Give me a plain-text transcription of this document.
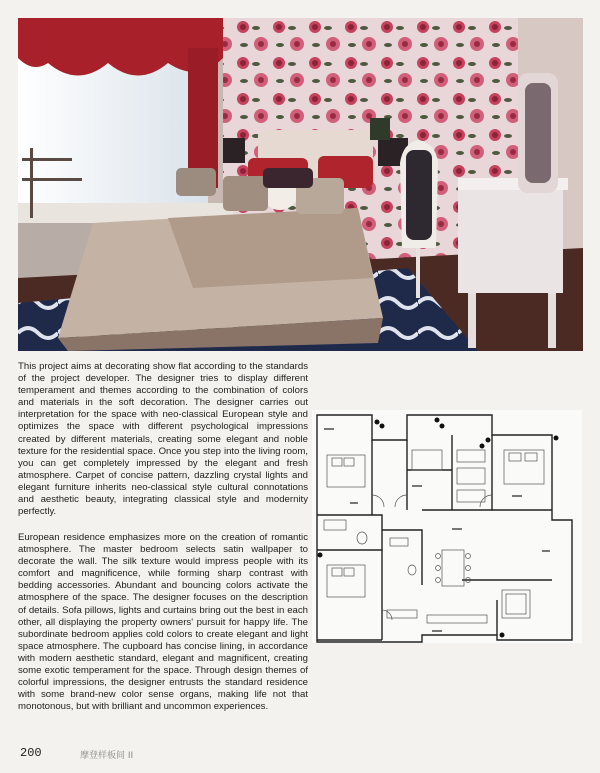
This project aims at decorating show flat according to the standards of the project developer. The designer tries to display different temperament and themes according to the combination of colors and materials in the soft decoration. The designer carries out interpretation for the space with neo-classical European style and optimizes the space with different psychological impressions created by different materials, creating some elegant and noble texture for the residential space. Once you step into the living room, you can get completely impressed by the elegant and fresh atmosphere. Carpet of concise pattern, dazzling crystal lights and elegant furniture inherits neo-classical style cultural connotations and aesthetic beauty, integrating classical style and modernity perfectly.

European residence emphasizes more on the creation of romantic atmosphere. The master bedroom selects satin wallpaper to decorate the wall. The silk texture would impress people with its comfort and magnificence, while forming sharp contrast with bedding accessories. Abundant and bouncing colors activate the atmosphere of the space. The designer focuses on the description of details. Sofa pillows, lights and curtains bring out the best in each other, all displaying the property owners' pursuit for happy life. The subordinate bedroom applies cold colors to create elegant and light space atmosphere. The cupboard has concise lining, in accordance with modern aesthetic standard, elegant and magnificent, creating some exotic temperament for the space. Through design themes of colorful impressions, the designer entrusts the standard residence with some brand-new color sense organs, making life not that monotonous, but with brilliant and uncommon experiences.

200	摩登样板间 II
